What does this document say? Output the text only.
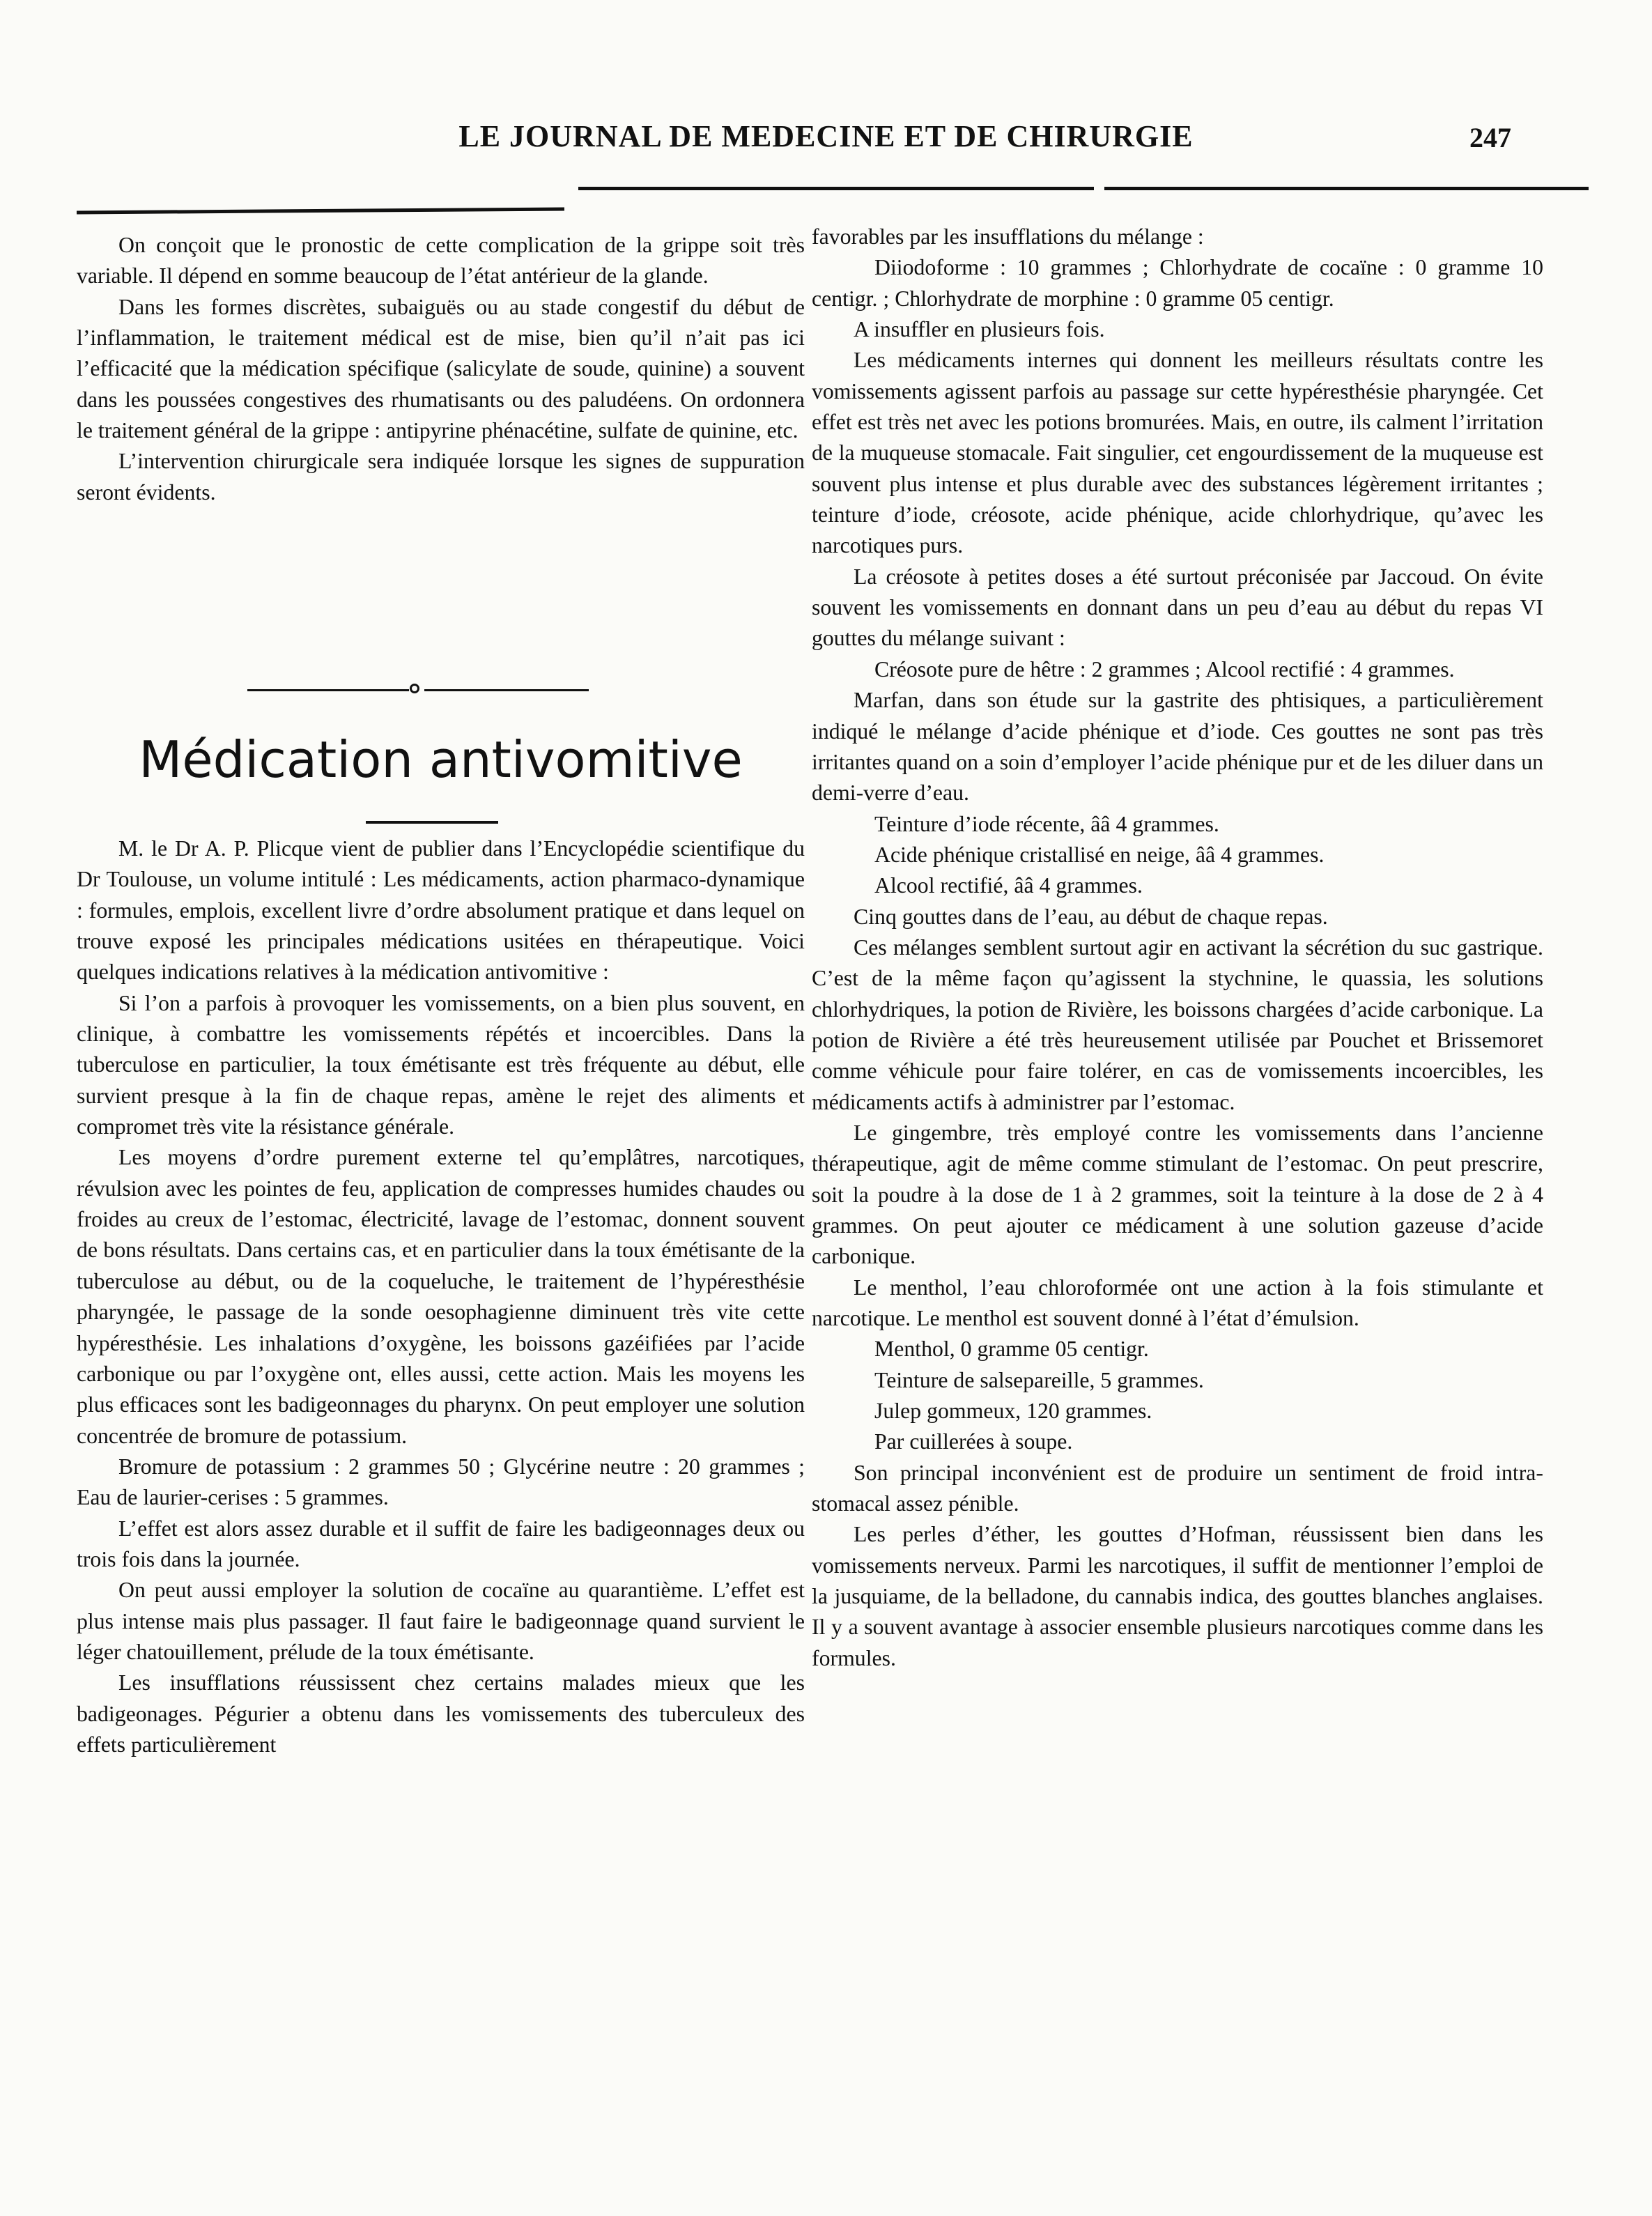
LE JOURNAL DE MEDECINE ET DE CHIRURGIE	247

On conçoit que le pronostic de cette complication de la grippe soit très variable. Il dépend en somme beaucoup de l’état antérieur de la glande.

Dans les formes discrètes, subaiguës ou au stade congestif du début de l’inflammation, le traitement médical est de mise, bien qu’il n’ait pas ici l’efficacité que la médication spécifique (salicylate de soude, quinine) a souvent dans les poussées congestives des rhumatisants ou des paludéens. On ordonnera le traitement général de la grippe : antipyrine phénacétine, sulfate de quinine, etc.

L’intervention chirurgicale sera indiquée lorsque les signes de suppuration seront évidents.

Médication antivomitive

M. le Dr A. P. Plicque vient de publier dans l’Encyclopédie scientifique du Dr Toulouse, un volume intitulé : Les médicaments, action pharmaco-dynamique : formules, emplois, excellent livre d’ordre absolument pratique et dans lequel on trouve exposé les principales médications usitées en thérapeutique. Voici quelques indications relatives à la médication antivomitive :

Si l’on a parfois à provoquer les vomissements, on a bien plus souvent, en clinique, à combattre les vomissements répétés et incoercibles. Dans la tuberculose en particulier, la toux émétisante est très fréquente au début, elle survient presque à la fin de chaque repas, amène le rejet des aliments et compromet très vite la résistance générale.

Les moyens d’ordre purement externe tel qu’emplâtres, narcotiques, révulsion avec les pointes de feu, application de compresses humides chaudes ou froides au creux de l’estomac, électricité, lavage de l’estomac, donnent souvent de bons résultats. Dans certains cas, et en particulier dans la toux émétisante de la tuberculose au début, ou de la coqueluche, le traitement de l’hypéresthésie pharyngée, le passage de la sonde oesophagienne diminuent très vite cette hypéresthésie. Les inhalations d’oxygène, les boissons gazéifiées par l’acide carbonique ou par l’oxygène ont, elles aussi, cette action. Mais les moyens les plus efficaces sont les badigeonnages du pharynx. On peut employer une solution concentrée de bromure de potassium.

Bromure de potassium : 2 grammes 50 ; Glycérine neutre : 20 grammes ; Eau de laurier-cerises : 5 grammes.

L’effet est alors assez durable et il suffit de faire les badigeonnages deux ou trois fois dans la journée.

On peut aussi employer la solution de cocaïne au quarantième. L’effet est plus intense mais plus passager. Il faut faire le badigeonnage quand survient le léger chatouillement, prélude de la toux émétisante.

Les insufflations réussissent chez certains malades mieux que les badigeonages. Pégurier a obtenu dans les vomissements des tuberculeux des effets particulièrement

favorables par les insufflations du mélange :

Diiodoforme : 10 grammes ; Chlorhydrate de cocaïne : 0 gramme 10 centigr. ; Chlorhydrate de morphine : 0 gramme 05 centigr.

A insuffler en plusieurs fois.

Les médicaments internes qui donnent les meilleurs résultats contre les vomissements agissent parfois au passage sur cette hypéresthésie pharyngée. Cet effet est très net avec les potions bromurées. Mais, en outre, ils calment l’irritation de la muqueuse stomacale. Fait singulier, cet engourdissement de la muqueuse est souvent plus intense et plus durable avec des substances légèrement irritantes ; teinture d’iode, créosote, acide phénique, acide chlorhydrique, qu’avec les narcotiques purs.

La créosote à petites doses a été surtout préconisée par Jaccoud. On évite souvent les vomissements en donnant dans un peu d’eau au début du repas VI gouttes du mélange suivant :

Créosote pure de hêtre : 2 grammes ; Alcool rectifié : 4 grammes.

Marfan, dans son étude sur la gastrite des phtisiques, a particulièrement indiqué le mélange d’acide phénique et d’iode. Ces gouttes ne sont pas très irritantes quand on a soin d’employer l’acide phénique pur et de les diluer dans un demi-verre d’eau.

Teinture d’iode récente, ââ 4 grammes.

Acide phénique cristallisé en neige, ââ 4 grammes.

Alcool rectifié, ââ 4 grammes.

Cinq gouttes dans de l’eau, au début de chaque repas.

Ces mélanges semblent surtout agir en activant la sécrétion du suc gastrique. C’est de la même façon qu’agissent la stychnine, le quassia, les solutions chlorhydriques, la potion de Rivière, les boissons chargées d’acide carbonique. La potion de Rivière a été très heureusement utilisée par Pouchet et Brissemoret comme véhicule pour faire tolérer, en cas de vomissements incoercibles, les médicaments actifs à administrer par l’estomac.

Le gingembre, très employé contre les vomissements dans l’ancienne thérapeutique, agit de même comme stimulant de l’estomac. On peut prescrire, soit la poudre à la dose de 1 à 2 grammes, soit la teinture à la dose de 2 à 4 grammes. On peut ajouter ce médicament à une solution gazeuse d’acide carbonique.

Le menthol, l’eau chloroformée ont une action à la fois stimulante et narcotique. Le menthol est souvent donné à l’état d’émulsion.

Menthol, 0 gramme 05 centigr.

Teinture de salsepareille, 5 grammes.

Julep gommeux, 120 grammes.

Par cuillerées à soupe.

Son principal inconvénient est de produire un sentiment de froid intra-stomacal assez pénible.

Les perles d’éther, les gouttes d’Hofman, réussissent bien dans les vomissements nerveux. Parmi les narcotiques, il suffit de mentionner l’emploi de la jusquiame, de la belladone, du cannabis indica, des gouttes blanches anglaises. Il y a souvent avantage à associer ensemble plusieurs narcotiques comme dans les formules.
